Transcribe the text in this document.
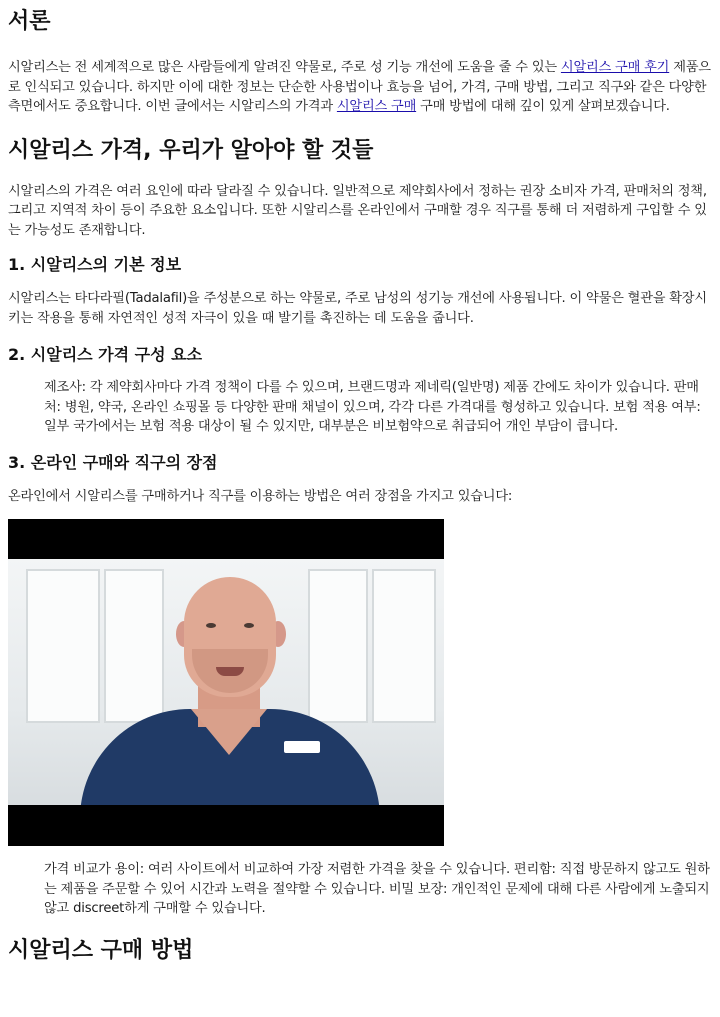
서론

시알리스는 전 세계적으로 많은 사람들에게 알려진 약물로, 주로 성 기능 개선에 도움을 줄 수 있는 시알리스 구매 후기 제품으로 인식되고 있습니다. 하지만 이에 대한 정보는 단순한 사용법이나 효능을 넘어, 가격, 구매 방법, 그리고 직구와 같은 다양한 측면에서도 중요합니다. 이번 글에서는 시알리스의 가격과 시알리스 구매 구매 방법에 대해 깊이 있게 살펴보겠습니다.

시알리스 가격, 우리가 알아야 할 것들

시알리스의 가격은 여러 요인에 따라 달라질 수 있습니다. 일반적으로 제약회사에서 정하는 권장 소비자 가격, 판매처의 정책, 그리고 지역적 차이 등이 주요한 요소입니다. 또한 시알리스를 온라인에서 구매할 경우 직구를 통해 더 저렴하게 구입할 수 있는 가능성도 존재합니다.

1. 시알리스의 기본 정보

시알리스는 타다라필(Tadalafil)을 주성분으로 하는 약물로, 주로 남성의 성기능 개선에 사용됩니다. 이 약물은 혈관을 확장시키는 작용을 통해 자연적인 성적 자극이 있을 때 발기를 촉진하는 데 도움을 줍니다.

2. 시알리스 가격 구성 요소
제조사: 각 제약회사마다 가격 정책이 다를 수 있으며, 브랜드명과 제네릭(일반명) 제품 간에도 차이가 있습니다. 판매처: 병원, 약국, 온라인 쇼핑몰 등 다양한 판매 채널이 있으며, 각각 다른 가격대를 형성하고 있습니다. 보험 적용 여부: 일부 국가에서는 보험 적용 대상이 될 수 있지만, 대부분은 비보험약으로 취급되어 개인 부담이 큽니다.
3. 온라인 구매와 직구의 장점

온라인에서 시알리스를 구매하거나 직구를 이용하는 방법은 여러 장점을 가지고 있습니다:

가격 비교가 용이: 여러 사이트에서 비교하여 가장 저렴한 가격을 찾을 수 있습니다. 편리함: 직접 방문하지 않고도 원하는 제품을 주문할 수 있어 시간과 노력을 절약할 수 있습니다. 비밀 보장: 개인적인 문제에 대해 다른 사람에게 노출되지 않고 discreet하게 구매할 수 있습니다.
시알리스 구매 방법
